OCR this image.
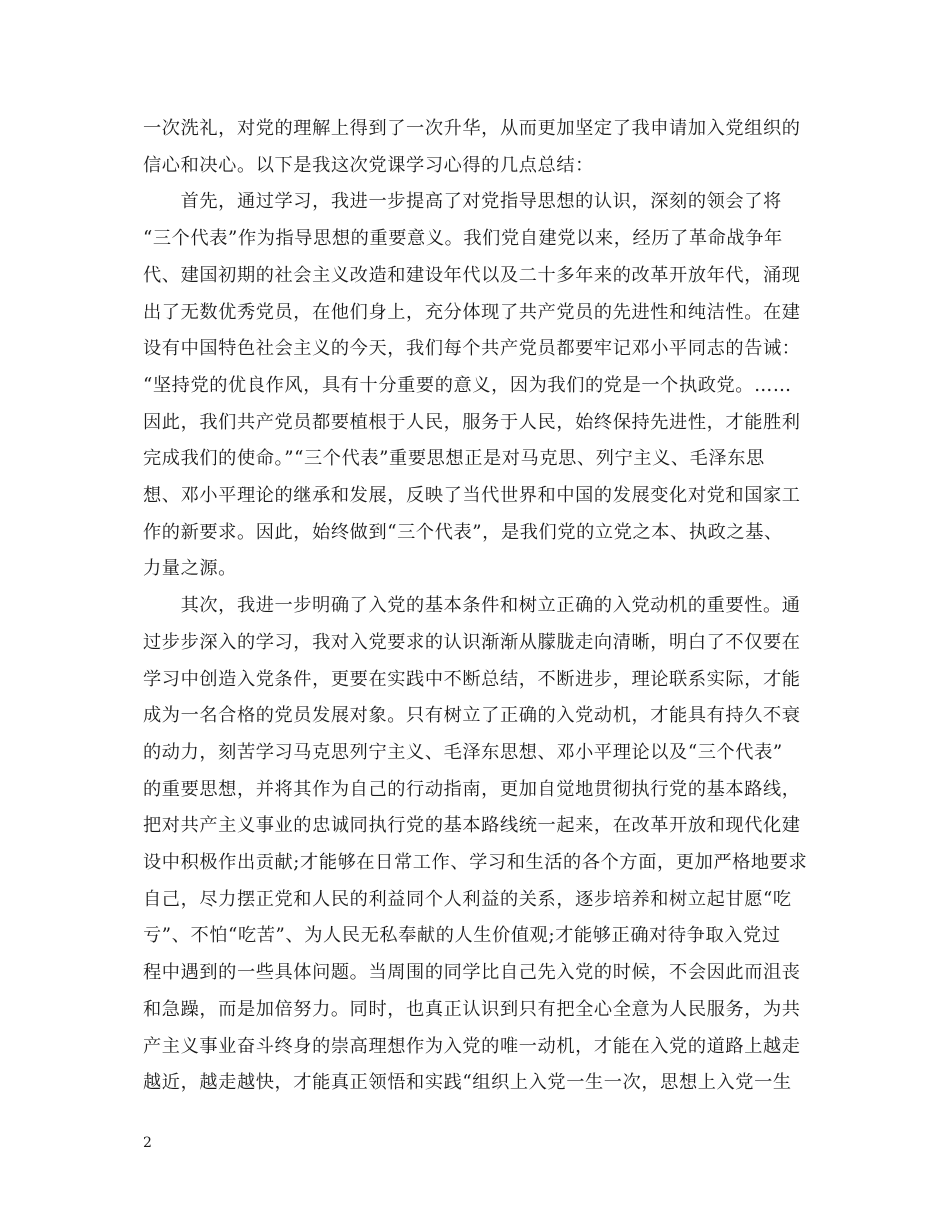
一次洗礼，对党的理解上得到了一次升华，从而更加坚定了我申请加入党组织的
信心和决心。以下是我这次党课学习心得的几点总结：
　　首先，通过学习，我进一步提高了对党指导思想的认识，深刻的领会了将
“三个代表”作为指导思想的重要意义。我们党自建党以来，经历了革命战争年
代、建国初期的社会主义改造和建设年代以及二十多年来的改革开放年代，涌现
出了无数优秀党员，在他们身上，充分体现了共产党员的先进性和纯洁性。在建
设有中国特色社会主义的今天，我们每个共产党员都要牢记邓小平同志的告诫：
“坚持党的优良作风，具有十分重要的意义，因为我们的党是一个执政党。……
因此，我们共产党员都要植根于人民，服务于人民，始终保持先进性，才能胜利
完成我们的使命。”“三个代表”重要思想正是对马克思、列宁主义、毛泽东思
想、邓小平理论的继承和发展，反映了当代世界和中国的发展变化对党和国家工
作的新要求。因此，始终做到“三个代表”，是我们党的立党之本、执政之基、
力量之源。
　　其次，我进一步明确了入党的基本条件和树立正确的入党动机的重要性。通
过步步深入的学习，我对入党要求的认识渐渐从朦胧走向清晰，明白了不仅要在
学习中创造入党条件，更要在实践中不断总结，不断进步，理论联系实际，才能
成为一名合格的党员发展对象。只有树立了正确的入党动机，才能具有持久不衰
的动力，刻苦学习马克思列宁主义、毛泽东思想、邓小平理论以及“三个代表”
的重要思想，并将其作为自己的行动指南，更加自觉地贯彻执行党的基本路线，
把对共产主义事业的忠诚同执行党的基本路线统一起来，在改革开放和现代化建
设中积极作出贡献;才能够在日常工作、学习和生活的各个方面，更加严格地要求
自己，尽力摆正党和人民的利益同个人利益的关系，逐步培养和树立起甘愿“吃
亏”、不怕“吃苦”、为人民无私奉献的人生价值观;才能够正确对待争取入党过
程中遇到的一些具体问题。当周围的同学比自己先入党的时候，不会因此而沮丧
和急躁，而是加倍努力。同时，也真正认识到只有把全心全意为人民服务，为共
产主义事业奋斗终身的崇高理想作为入党的唯一动机，才能在入党的道路上越走
越近，越走越快，才能真正领悟和实践“组织上入党一生一次，思想上入党一生
2
